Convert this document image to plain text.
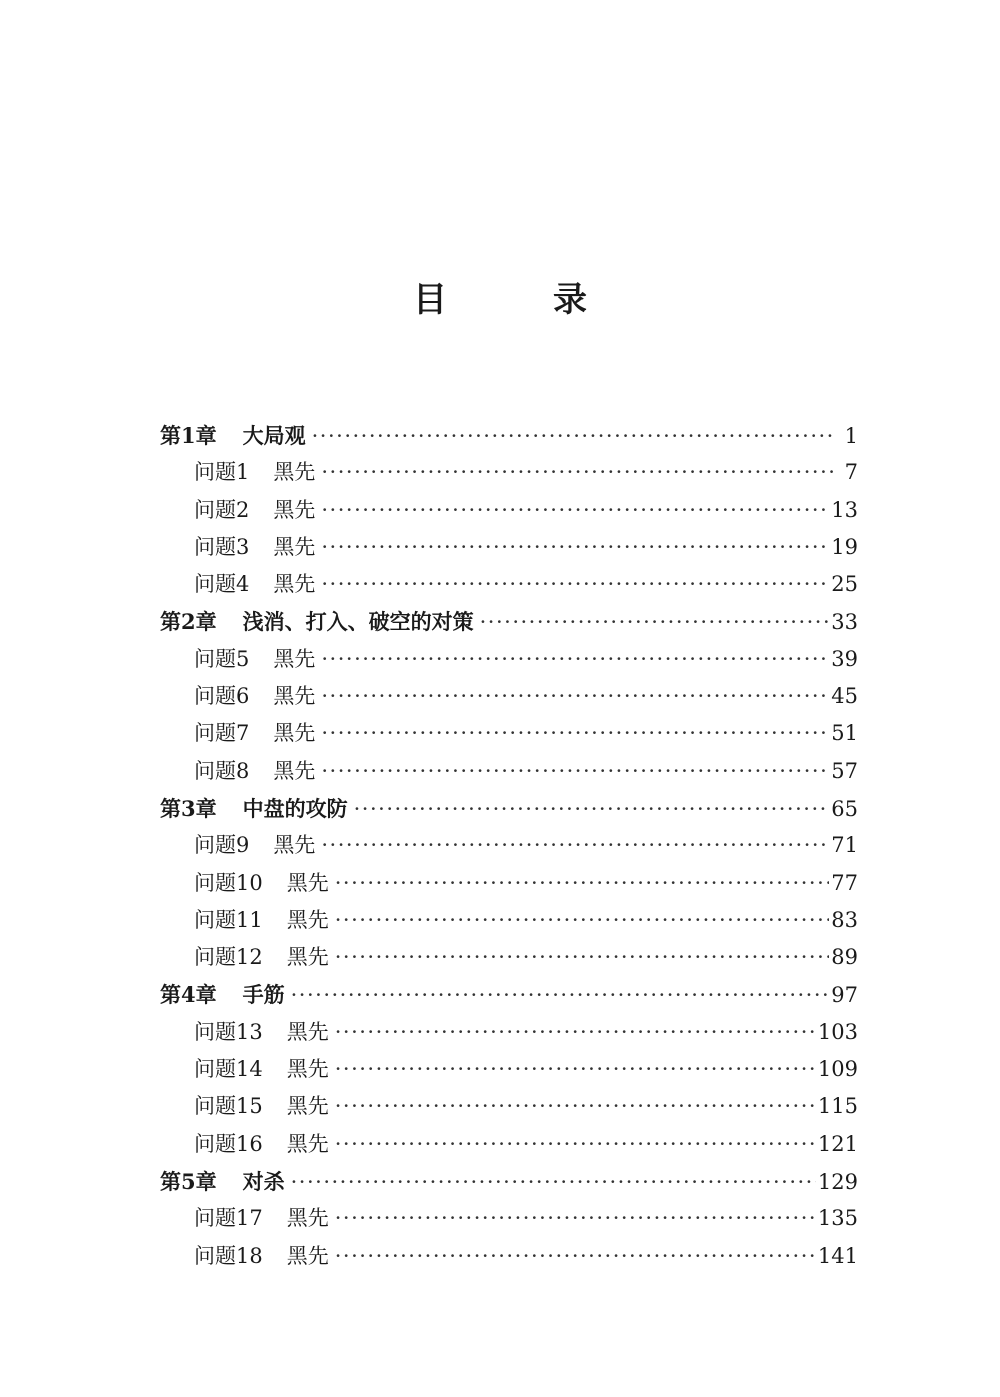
目　录
第1章 大局观 ·····	1
问题1 黑先 ·····	7
问题2 黑先 ·····	13
问题3 黑先 ·····	19
问题4 黑先 ·····	25
第2章 浅消、打入、破空的对策 ·····	33
问题5 黑先 ·····	39
问题6 黑先 ·····	45
问题7 黑先 ·····	51
问题8 黑先 ·····	57
第3章 中盘的攻防 ·····	65
问题9 黑先 ·····	71
问题10 黑先 ·····	77
问题11 黑先 ·····	83
问题12 黑先 ·····	89
第4章 手筋 ·····	97
问题13 黑先 ·····	103
问题14 黑先 ·····	109
问题15 黑先 ·····	115
问题16 黑先 ·····	121
第5章 对杀 ·····	129
问题17 黑先 ·····	135
问题18 黑先 ·····	141
